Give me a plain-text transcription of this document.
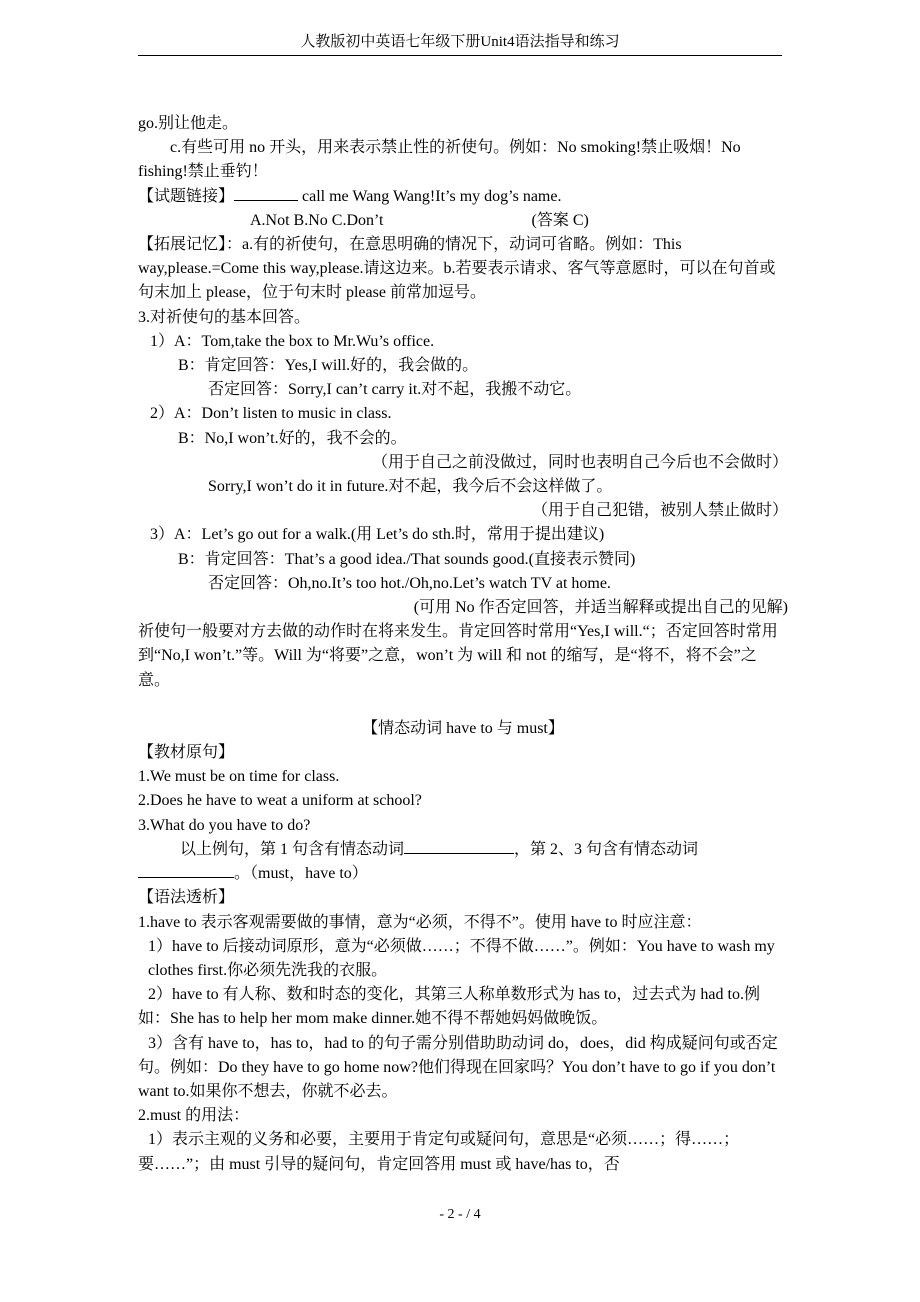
人教版初中英语七年级下册Unit4语法指导和练习
go.别让他走。
c.有些可用 no 开头，用来表示禁止性的祈使句。例如：No smoking!禁止吸烟！No fishing!禁止垂钓！
【试题链接】	call me Wang Wang!It’s my dog’s name.
A.Not B.No C.Don’t	(答案 C)
【拓展记忆】：a.有的祈使句，在意思明确的情况下，动词可省略。例如：This way,please.=Come this way,please.请这边来。b.若要表示请求、客气等意愿时，可以在句首或句末加上 please，位于句末时 please 前常加逗号。
3.对祈使句的基本回答。
1）A：Tom,take the box to Mr.Wu’s office.
B：肯定回答：Yes,I will.好的，我会做的。
否定回答：Sorry,I can’t carry it.对不起，我搬不动它。
2）A：Don’t listen to music in class.
B：No,I won’t.好的，我不会的。
（用于自己之前没做过，同时也表明自己今后也不会做时）
Sorry,I won’t do it in future.对不起，我今后不会这样做了。
（用于自己犯错，被别人禁止做时）
3）A：Let’s go out for a walk.(用 Let’s do sth.时，常用于提出建议)
B：肯定回答：That’s a good idea./That sounds good.(直接表示赞同)
否定回答：Oh,no.It’s too hot./Oh,no.Let’s watch TV at home.
(可用 No 作否定回答，并适当解释或提出自己的见解)
祈使句一般要对方去做的动作时在将来发生。肯定回答时常用“Yes,I will.“；否定回答时常用到“No,I won’t.”等。Will 为“将要”之意，won’t 为 will 和 not 的缩写，是“将不，将不会”之意。
【情态动词 have to 与 must】
【教材原句】
1.We must be on time for class.
2.Does he have to weat a uniform at school?
3.What do you have to do?
以上例句，第 1 句含有情态动词	，第 2、3 句含有情态动词
。（must，have to）
【语法透析】
1.have to 表示客观需要做的事情，意为“必须，不得不”。使用 have to 时应注意：
1）have to 后接动词原形，意为“必须做……；不得不做……”。例如：You have to wash my clothes first.你必须先洗我的衣服。
2）have to 有人称、数和时态的变化，其第三人称单数形式为 has to，过去式为 had to.例如：She has to help her mom make dinner.她不得不帮她妈妈做晚饭。
3）含有 have to，has to，had to 的句子需分别借助助动词 do，does，did 构成疑问句或否定句。例如：Do they have to go home now?他们得现在回家吗？You don’t have to go if you don’t want to.如果你不想去，你就不必去。
2.must 的用法：
1）表示主观的义务和必要，主要用于肯定句或疑问句，意思是“必须……；得……；要……”；由 must 引导的疑问句，肯定回答用 must 或 have/has to，否
- 2 - / 4
